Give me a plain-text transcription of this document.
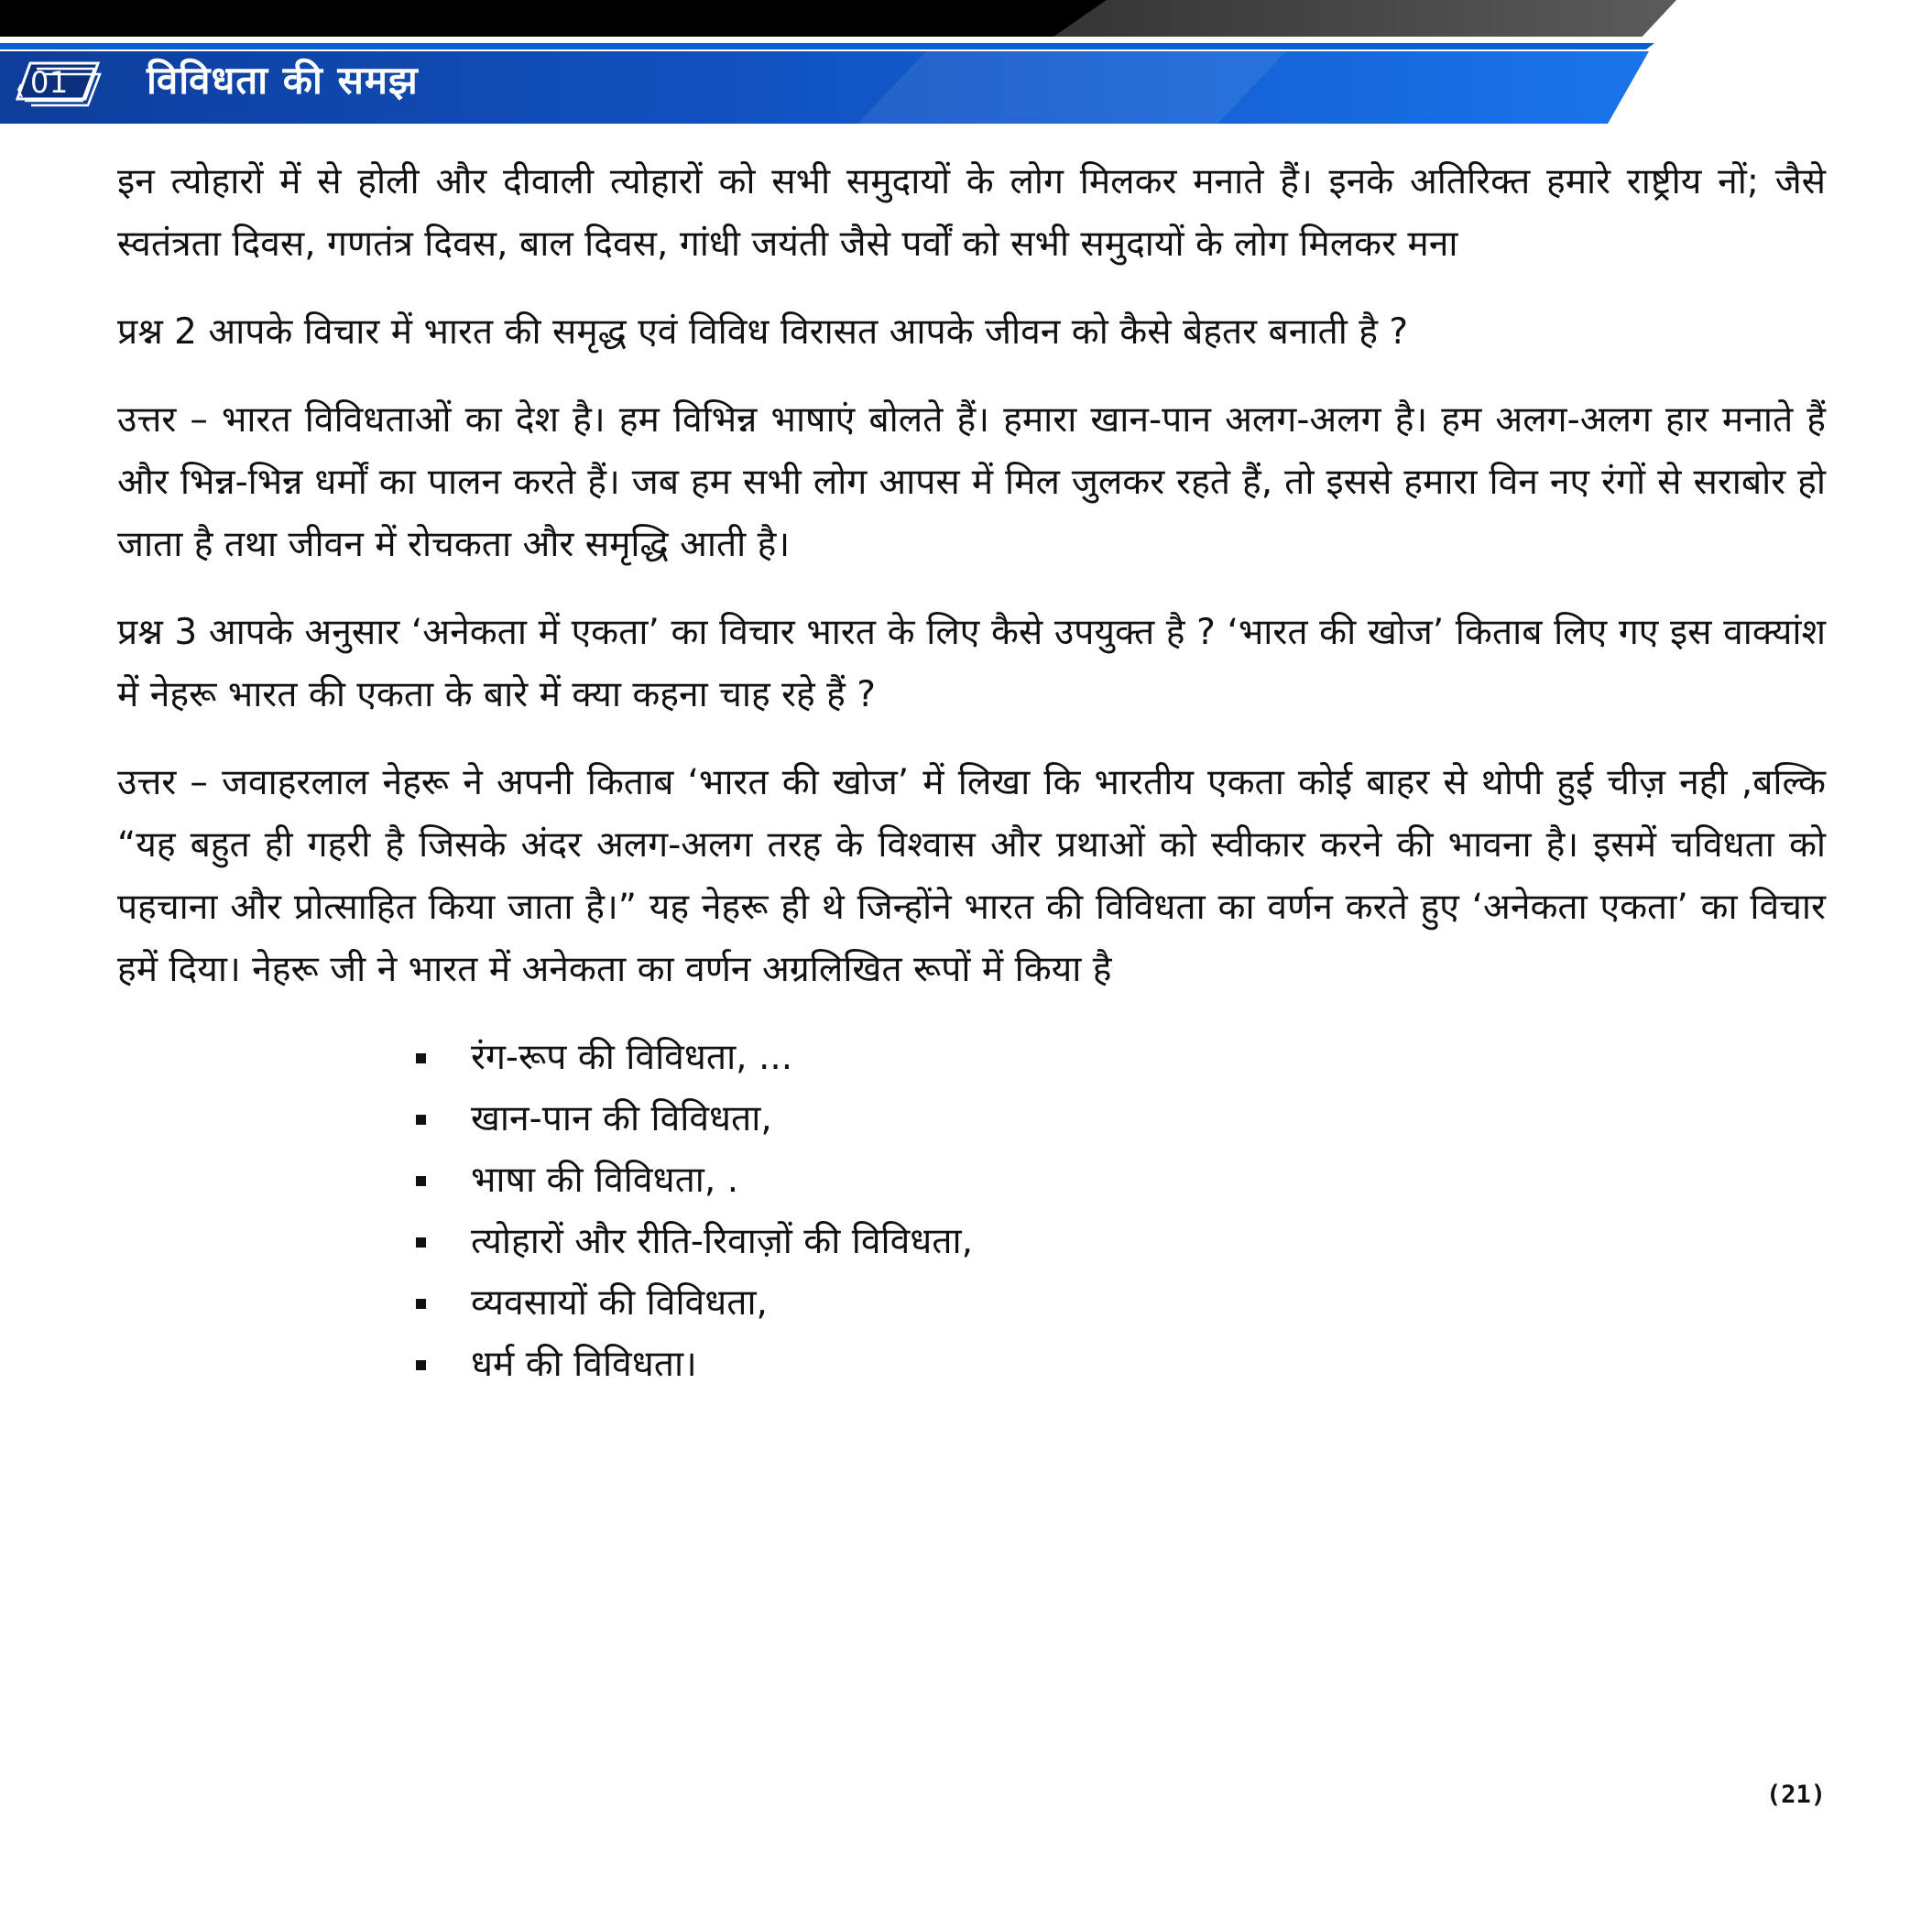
01	विविधता की समझ

इन त्योहारों में से होली और दीवाली त्योहारों को सभी समुदायों के लोग मिलकर मनाते हैं। इनके अतिरिक्त हमारे राष्ट्रीय नों; जैसे स्वतंत्रता दिवस, गणतंत्र दिवस, बाल दिवस, गांधी जयंती जैसे पर्वों को सभी समुदायों के लोग मिलकर मना

प्रश्न 2 आपके विचार में भारत की समृद्ध एवं विविध विरासत आपके जीवन को कैसे बेहतर बनाती है ?

उत्तर – भारत विविधताओं का देश है। हम विभिन्न भाषाएं बोलते हैं। हमारा खान-पान अलग-अलग है। हम अलग-अलग हार मनाते हैं और भिन्न-भिन्न धर्मों का पालन करते हैं। जब हम सभी लोग आपस में मिल जुलकर रहते हैं, तो इससे हमारा विन नए रंगों से सराबोर हो जाता है तथा जीवन में रोचकता और समृद्धि आती है।

प्रश्न 3 आपके अनुसार ‘अनेकता में एकता’ का विचार भारत के लिए कैसे उपयुक्त है ? ‘भारत की खोज’ किताब लिए गए इस वाक्यांश में नेहरू भारत की एकता के बारे में क्या कहना चाह रहे हैं ?

उत्तर – जवाहरलाल नेहरू ने अपनी किताब ‘भारत की खोज’ में लिखा कि भारतीय एकता कोई बाहर से थोपी हुई चीज़ नही ,बल्कि “यह बहुत ही गहरी है जिसके अंदर अलग-अलग तरह के विश्वास और प्रथाओं को स्वीकार करने की भावना है। इसमें चविधता को पहचाना और प्रोत्साहित किया जाता है।” यह नेहरू ही थे जिन्होंने भारत की विविधता का वर्णन करते हुए ‘अनेकता एकता’ का विचार हमें दिया। नेहरू जी ने भारत में अनेकता का वर्णन अग्रलिखित रूपों में किया है

रंग-रूप की विविधता, ...
खान-पान की विविधता,
भाषा की विविधता, .
त्योहारों और रीति-रिवाज़ों की विविधता,
व्यवसायों की विविधता,
धर्म की विविधता।
(21)
